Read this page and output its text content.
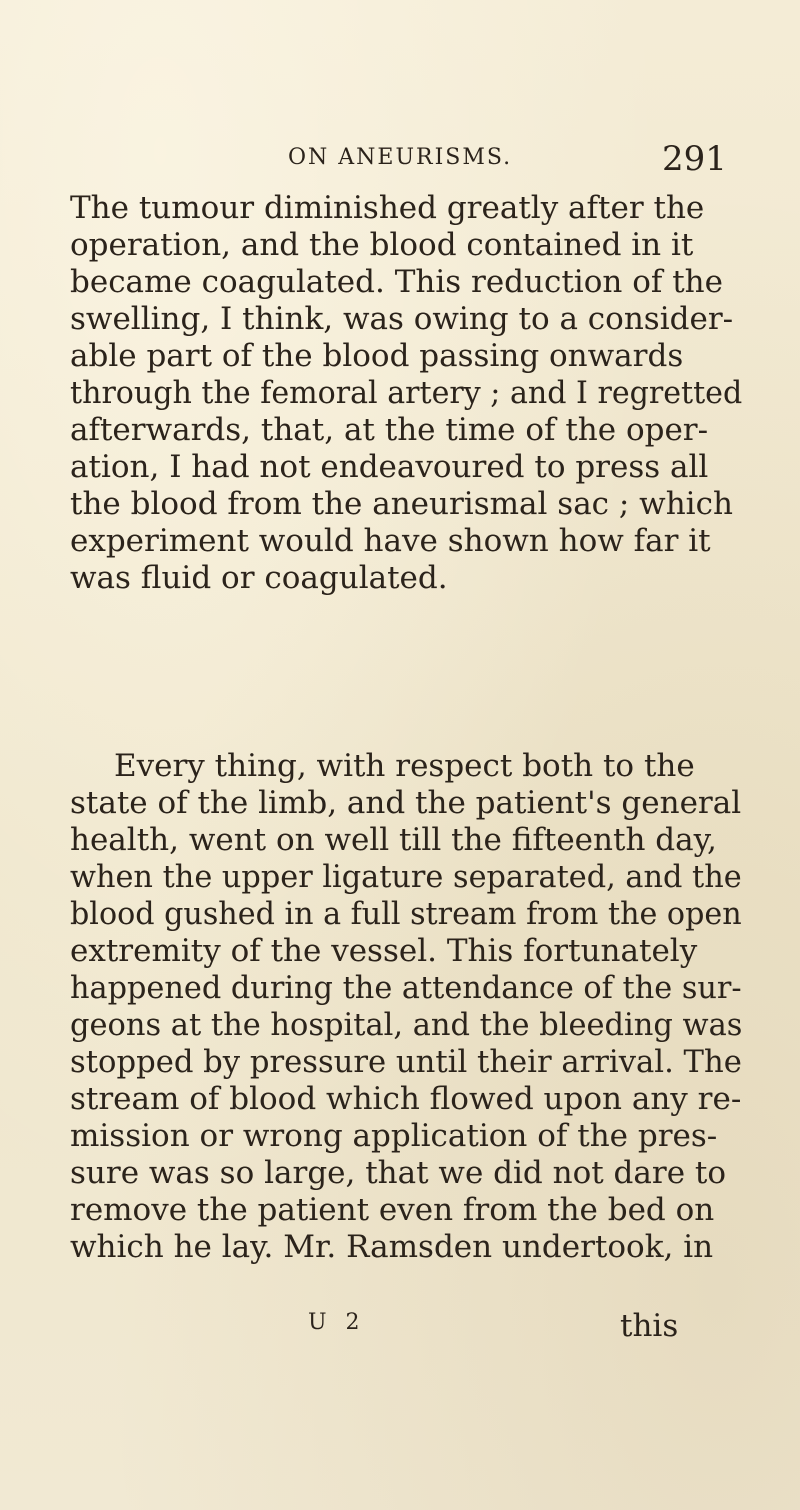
ON ANEURISMS.	291

The tumour diminished greatly after the
operation, and the blood contained in it
became coagulated. This reduction of the
swelling, I think, was owing to a consider-
able part of the blood passing onwards
through the femoral artery ; and I regretted
afterwards, that, at the time of the oper-
ation, I had not endeavoured to press all
the blood from the aneurismal sac ; which
experiment would have shown how far it
was fluid or coagulated.

Every thing, with respect both to the
state of the limb, and the patient's general
health, went on well till the fifteenth day,
when the upper ligature separated, and the
blood gushed in a full stream from the open
extremity of the vessel. This fortunately
happened during the attendance of the sur-
geons at the hospital, and the bleeding was
stopped by pressure until their arrival. The
stream of blood which flowed upon any re-
mission or wrong application of the pres-
sure was so large, that we did not dare to
remove the patient even from the bed on
which he lay. Mr. Ramsden undertook, in

U 2	this
